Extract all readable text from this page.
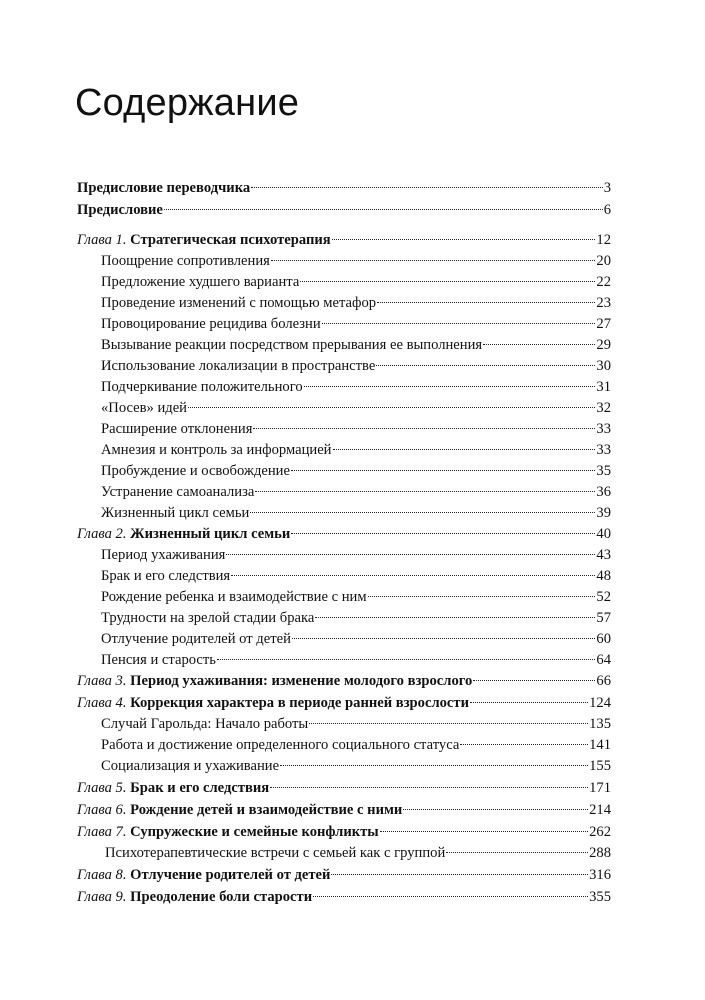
Содержание
Предисловие переводчика	3
Предисловие	6
Глава 1. Стратегическая психотерапия	12
Поощрение сопротивления	20
Предложение худшего варианта	22
Проведение изменений с помощью метафор	23
Провоцирование рецидива болезни	27
Вызывание реакции посредством прерывания ее выполнения	29
Использование локализации в пространстве	30
Подчеркивание положительного	31
«Посев» идей	32
Расширение отклонения	33
Амнезия и контроль за информацией	33
Пробуждение и освобождение	35
Устранение самоанализа	36
Жизненный цикл семьи	39
Глава 2. Жизненный цикл семьи	40
Период ухаживания	43
Брак и его следствия	48
Рождение ребенка и взаимодействие с ним	52
Трудности на зрелой стадии брака	57
Отлучение родителей от детей	60
Пенсия и старость	64
Глава 3. Период ухаживания: изменение молодого взрослого	66
Глава 4. Коррекция характера в периоде ранней взрослости	124
Случай Гарольда: Начало работы	135
Работа и достижение определенного социального статуса	141
Социализация и ухаживание	155
Глава 5. Брак и его следствия	171
Глава 6. Рождение детей и взаимодействие с ними	214
Глава 7. Супружеские и семейные конфликты	262
Психотерапевтические встречи с семьей как с группой	288
Глава 8. Отлучение родителей от детей	316
Глава 9. Преодоление боли старости	355
